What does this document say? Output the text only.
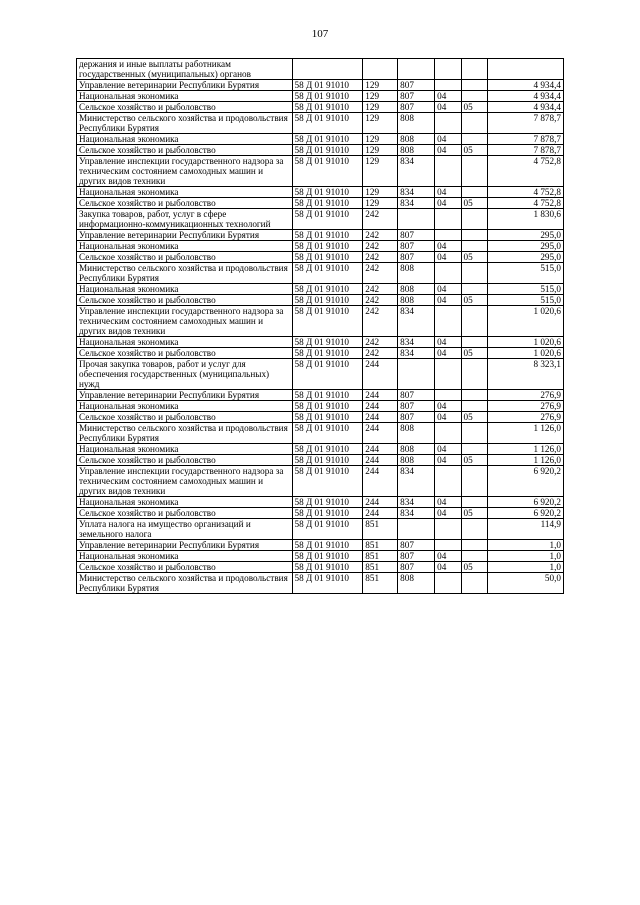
107
держания и иные выплаты работникам государственных (муниципальных) органов						
Управление ветеринарии Республики Бурятия	58 Д 01 91010	129	807			4 934,4
Национальная экономика	58 Д 01 91010	129	807	04		4 934,4
Сельское хозяйство и рыболовство	58 Д 01 91010	129	807	04	05	4 934,4
Министерство сельского хозяйства и продовольствия Республики Бурятия	58 Д 01 91010	129	808			7 878,7
Национальная экономика	58 Д 01 91010	129	808	04		7 878,7
Сельское хозяйство и рыболовство	58 Д 01 91010	129	808	04	05	7 878,7
Управление инспекции государственного надзора за техническим состоянием самоходных машин и других видов техники	58 Д 01 91010	129	834			4 752,8
Национальная экономика	58 Д 01 91010	129	834	04		4 752,8
Сельское хозяйство и рыболовство	58 Д 01 91010	129	834	04	05	4 752,8
Закупка товаров, работ, услуг в сфере информационно-коммуникационных технологий	58 Д 01 91010	242				1 830,6
Управление ветеринарии Республики Бурятия	58 Д 01 91010	242	807			295,0
Национальная экономика	58 Д 01 91010	242	807	04		295,0
Сельское хозяйство и рыболовство	58 Д 01 91010	242	807	04	05	295,0
Министерство сельского хозяйства и продовольствия Республики Бурятия	58 Д 01 91010	242	808			515,0
Национальная экономика	58 Д 01 91010	242	808	04		515,0
Сельское хозяйство и рыболовство	58 Д 01 91010	242	808	04	05	515,0
Управление инспекции государственного надзора за техническим состоянием самоходных машин и других видов техники	58 Д 01 91010	242	834			1 020,6
Национальная экономика	58 Д 01 91010	242	834	04		1 020,6
Сельское хозяйство и рыболовство	58 Д 01 91010	242	834	04	05	1 020,6
Прочая закупка товаров, работ и услуг для обеспечения государственных (муниципальных) нужд	58 Д 01 91010	244				8 323,1
Управление ветеринарии Республики Бурятия	58 Д 01 91010	244	807			276,9
Национальная экономика	58 Д 01 91010	244	807	04		276,9
Сельское хозяйство и рыболовство	58 Д 01 91010	244	807	04	05	276,9
Министерство сельского хозяйства и продовольствия Республики Бурятия	58 Д 01 91010	244	808			1 126,0
Национальная экономика	58 Д 01 91010	244	808	04		1 126,0
Сельское хозяйство и рыболовство	58 Д 01 91010	244	808	04	05	1 126,0
Управление инспекции государственного надзора за техническим состоянием самоходных машин и других видов техники	58 Д 01 91010	244	834			6 920,2
Национальная экономика	58 Д 01 91010	244	834	04		6 920,2
Сельское хозяйство и рыболовство	58 Д 01 91010	244	834	04	05	6 920,2
Уплата налога на имущество организаций и земельного налога	58 Д 01 91010	851				114,9
Управление ветеринарии Республики Бурятия	58 Д 01 91010	851	807			1,0
Национальная экономика	58 Д 01 91010	851	807	04		1,0
Сельское хозяйство и рыболовство	58 Д 01 91010	851	807	04	05	1,0
Министерство сельского хозяйства и продовольствия Республики Бурятия	58 Д 01 91010	851	808			50,0
